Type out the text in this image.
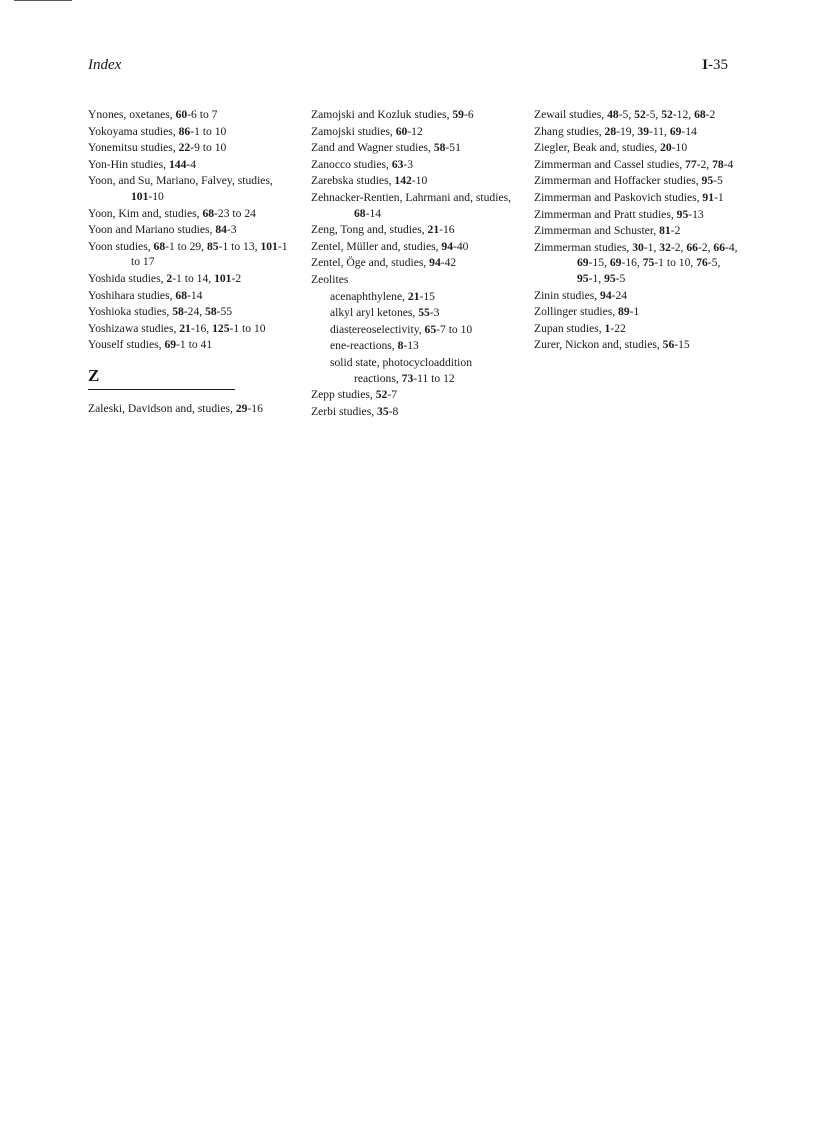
Index	I-35
Ynones, oxetanes, 60-6 to 7
Yokoyama studies, 86-1 to 10
Yonemitsu studies, 22-9 to 10
Yon-Hin studies, 144-4
Yoon, and Su, Mariano, Falvey, studies, 101-10
Yoon, Kim and, studies, 68-23 to 24
Yoon and Mariano studies, 84-3
Yoon studies, 68-1 to 29, 85-1 to 13, 101-1 to 17
Yoshida studies, 2-1 to 14, 101-2
Yoshihara studies, 68-14
Yoshioka studies, 58-24, 58-55
Yoshizawa studies, 21-16, 125-1 to 10
Youself studies, 69-1 to 41
Z
Zaleski, Davidson and, studies, 29-16
Zamojski and Kozluk studies, 59-6
Zamojski studies, 60-12
Zand and Wagner studies, 58-51
Zanocco studies, 63-3
Zarebska studies, 142-10
Zehnacker-Rentien, Lahrmani and, studies, 68-14
Zeng, Tong and, studies, 21-16
Zentel, Müller and, studies, 94-40
Zentel, Öge and, studies, 94-42
Zeolites
acenaphthylene, 21-15
alkyl aryl ketones, 55-3
diastereoselectivity, 65-7 to 10
ene-reactions, 8-13
solid state, photocycloaddition reactions, 73-11 to 12
Zepp studies, 52-7
Zerbi studies, 35-8
Zewail studies, 48-5, 52-5, 52-12, 68-2
Zhang studies, 28-19, 39-11, 69-14
Ziegler, Beak and, studies, 20-10
Zimmerman and Cassel studies, 77-2, 78-4
Zimmerman and Hoffacker studies, 95-5
Zimmerman and Paskovich studies, 91-1
Zimmerman and Pratt studies, 95-13
Zimmerman and Schuster, 81-2
Zimmerman studies, 30-1, 32-2, 66-2, 66-4, 69-15, 69-16, 75-1 to 10, 76-5, 95-1, 95-5
Zinin studies, 94-24
Zollinger studies, 89-1
Zupan studies, 1-22
Zurer, Nickon and, studies, 56-15
